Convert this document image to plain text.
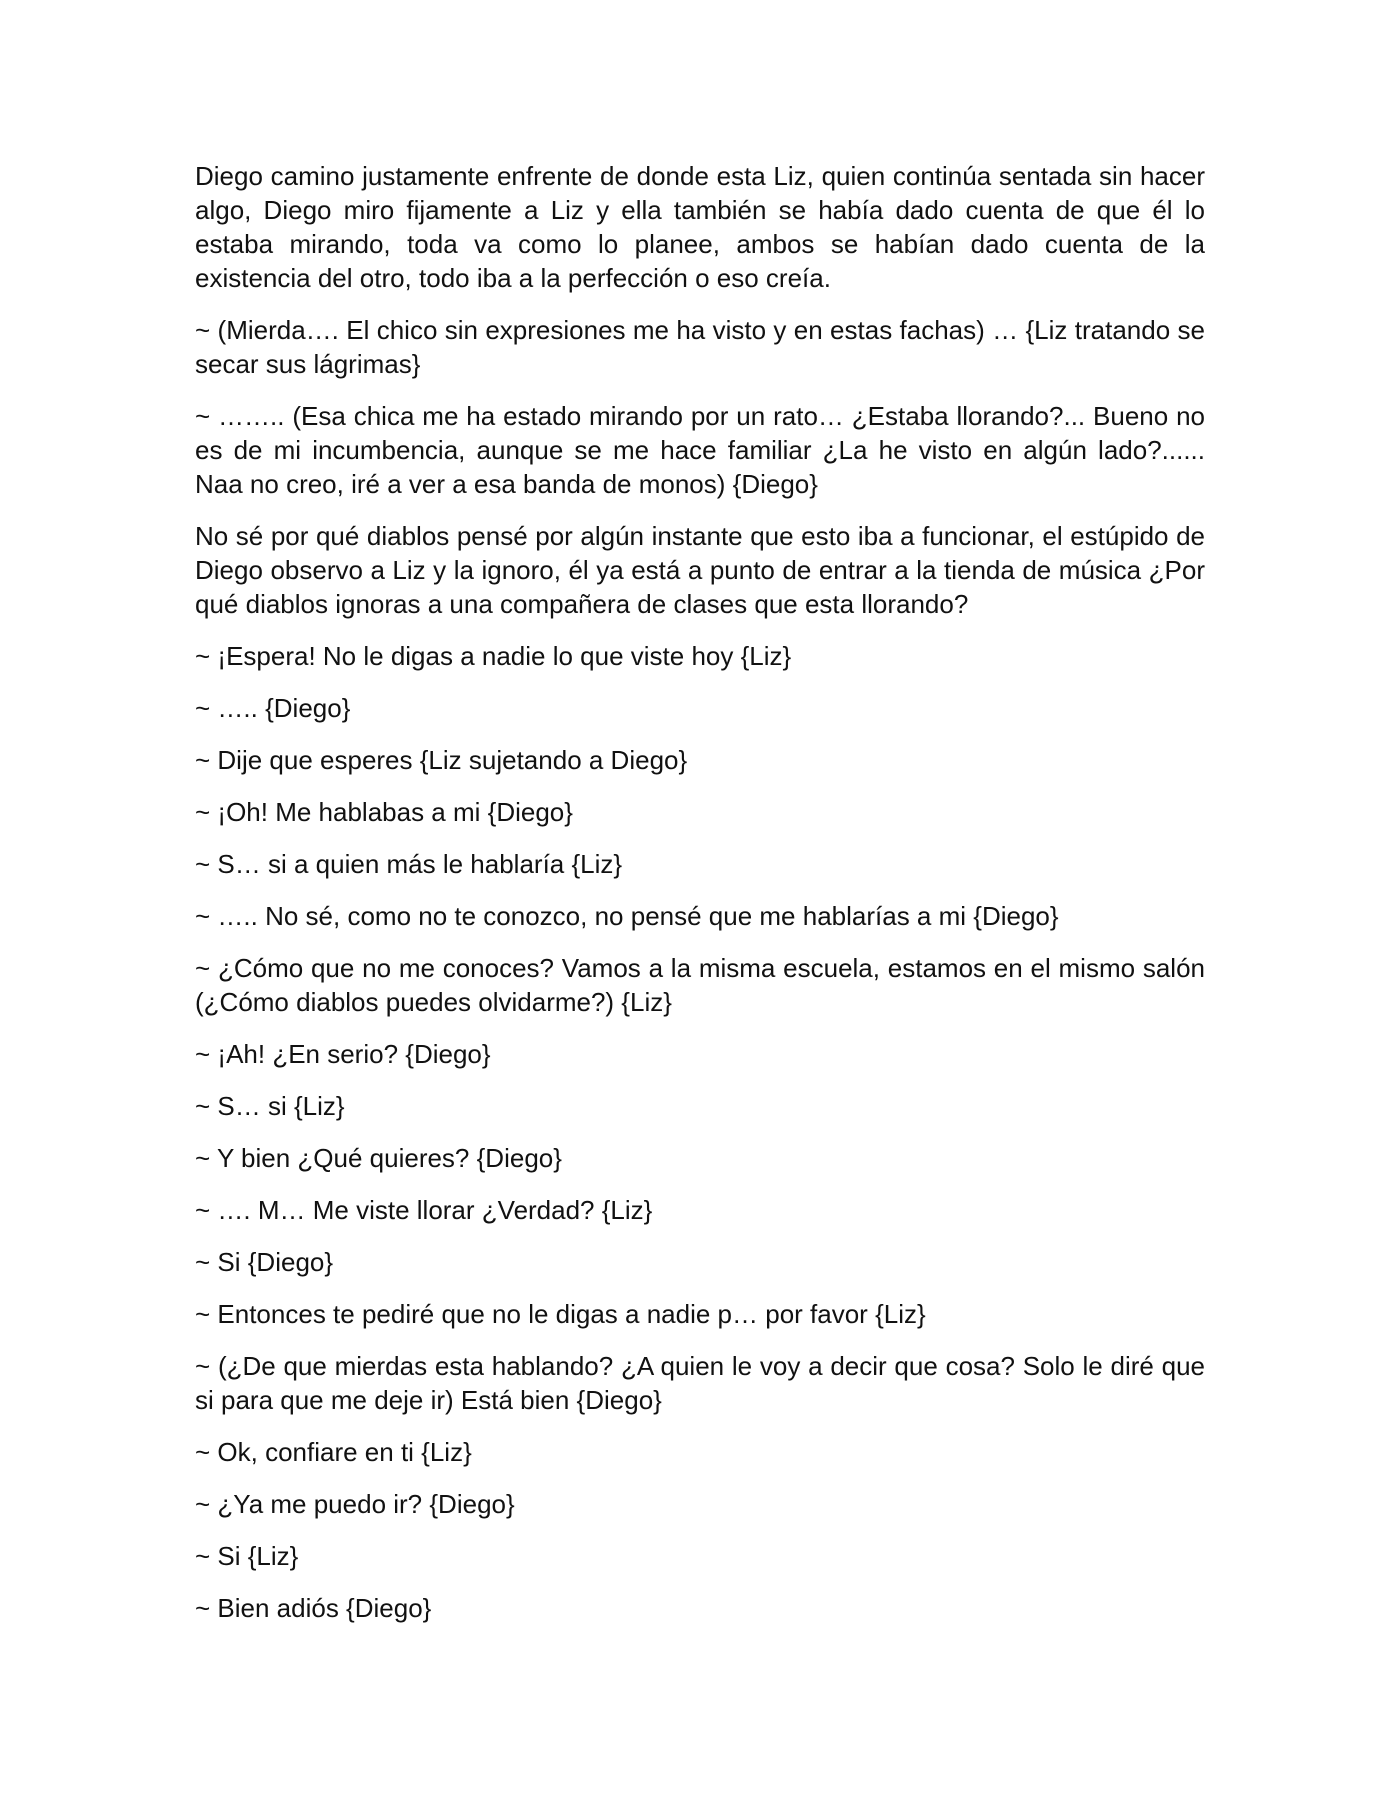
Diego camino justamente enfrente de donde esta Liz, quien continúa sentada sin hacer algo, Diego miro fijamente a Liz y ella también se había dado cuenta de que él lo estaba mirando, toda va como lo planee, ambos se habían dado cuenta de la existencia del otro, todo iba a la perfección o eso creía.

~ (Mierda…. El chico sin expresiones me ha visto y en estas fachas) … {Liz tratando se secar sus lágrimas}

~ …….. (Esa chica me ha estado mirando por un rato… ¿Estaba llorando?... Bueno no es de mi incumbencia, aunque se me hace familiar ¿La he visto en algún lado?...... Naa no creo, iré a ver a esa banda de monos) {Diego}

No sé por qué diablos pensé por algún instante que esto iba a funcionar, el estúpido de Diego observo a Liz y la ignoro, él ya está a punto de entrar a la tienda de música ¿Por qué diablos ignoras a una compañera de clases que esta llorando?

~ ¡Espera! No le digas a nadie lo que viste hoy {Liz}

~ ….. {Diego}

~ Dije que esperes {Liz sujetando a Diego}

~ ¡Oh! Me hablabas a mi {Diego}

~ S… si a quien más le hablaría {Liz}

~ ….. No sé, como no te conozco, no pensé que me hablarías a mi {Diego}

~ ¿Cómo que no me conoces? Vamos a la misma escuela, estamos en el mismo salón (¿Cómo diablos puedes olvidarme?) {Liz}

~ ¡Ah! ¿En serio? {Diego}

~ S… si {Liz}

~ Y bien ¿Qué quieres? {Diego}

~ …. M… Me viste llorar ¿Verdad? {Liz}

~ Si {Diego}

~ Entonces te pediré que no le digas a nadie p… por favor {Liz}

~ (¿De que mierdas esta hablando? ¿A quien le voy a decir que cosa? Solo le diré que si para que me deje ir) Está bien {Diego}

~ Ok, confiare en ti {Liz}

~ ¿Ya me puedo ir? {Diego}

~ Si {Liz}

~ Bien adiós {Diego}
